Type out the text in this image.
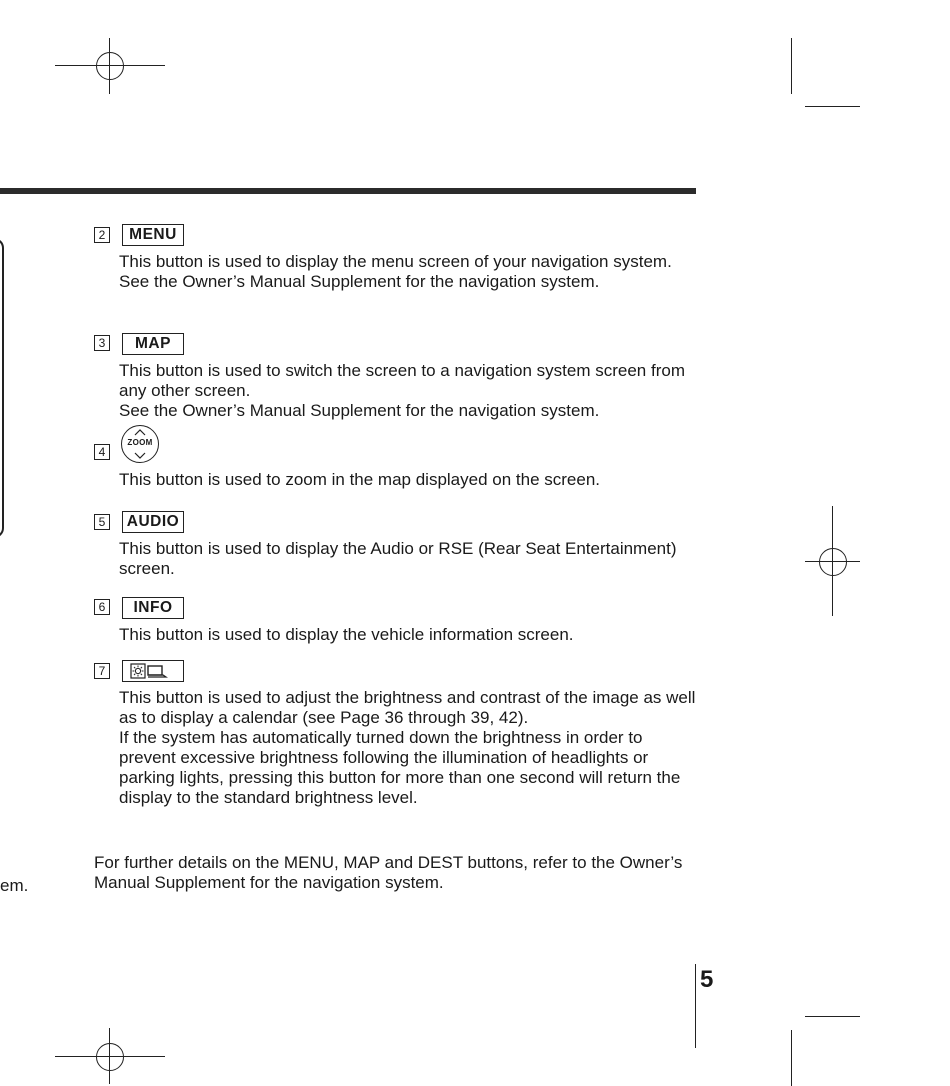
2	MENU

This button is used to display the menu screen of your navigation system.

See the Owner’s Manual Supplement for the navigation system.

3	MAP

This button is used to switch the screen to a navigation system screen from any other screen.

See the Owner’s Manual Supplement for the navigation system.

4
ZOOM

This button is used to zoom in the map displayed on the screen.

5	AUDIO

This button is used to display the Audio or RSE (Rear Seat Entertainment) screen.

6	INFO

This button is used to display the vehicle information screen.

7

This button is used to adjust the brightness and contrast of the image as well as to display a calendar (see Page 36 through 39, 42).

If the system has automatically turned down the brightness in order to prevent excessive brightness following the illumination of headlights or parking lights, pressing this button for more than one second will return the display to the standard brightness level.

For further details on the MENU, MAP and DEST buttons, refer to the Owner’s Manual Supplement for the navigation system.

em.
5
